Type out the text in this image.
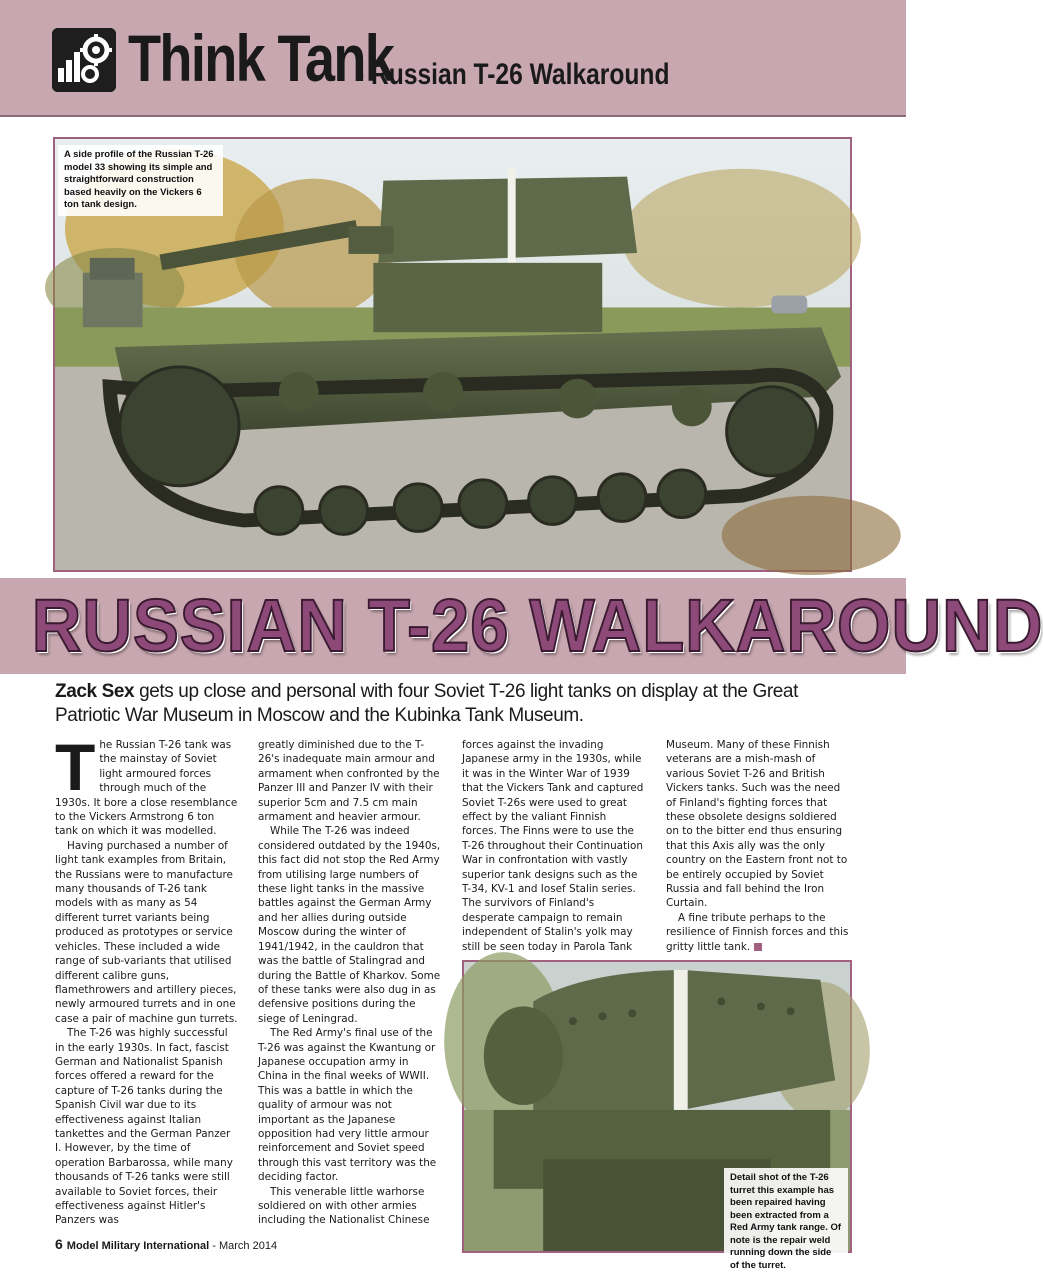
Think Tank
- Russian T-26 Walkaround
A side profile of the Russian T-26 model 33 showing its simple and straightforward construction based heavily on the Vickers 6 ton tank design.
RUSSIAN T-26 WALKAROUND
Zack Sex gets up close and personal with four Soviet T-26 light tanks on display at the Great Patriotic War Museum in Moscow and the Kubinka Tank Museum.

The Russian T-26 tank was the mainstay of Soviet light armoured forces through much of the 1930s. It bore a close resemblance to the Vickers Armstrong 6 ton tank on which it was modelled.

Having purchased a number of light tank examples from Britain, the Russians were to manufacture many thousands of T-26 tank models with as many as 54 different turret variants being produced as prototypes or service vehicles. These included a wide range of sub-variants that utilised different calibre guns, flamethrowers and artillery pieces, newly armoured turrets and in one case a pair of machine gun turrets.

The T-26 was highly successful in the early 1930s. In fact, fascist German and Nationalist Spanish forces offered a reward for the capture of T-26 tanks during the Spanish Civil war due to its effectiveness against Italian tankettes and the German Panzer I. However, by the time of operation Barbarossa, while many thousands of T-26 tanks were still available to Soviet forces, their effectiveness against Hitler's Panzers was

greatly diminished due to the T-26's inadequate main armour and armament when confronted by the Panzer III and Panzer IV with their superior 5cm and 7.5 cm main armament and heavier armour.

While The T-26 was indeed considered outdated by the 1940s, this fact did not stop the Red Army from utilising large numbers of these light tanks in the massive battles against the German Army and her allies during outside Moscow during the winter of 1941/1942, in the cauldron that was the battle of Stalingrad and during the Battle of Kharkov. Some of these tanks were also dug in as defensive positions during the siege of Leningrad.

The Red Army's final use of the T-26 was against the Kwantung or Japanese occupation army in China in the final weeks of WWII. This was a battle in which the quality of armour was not important as the Japanese opposition had very little armour reinforcement and Soviet speed through this vast territory was the deciding factor.

This venerable little warhorse soldiered on with other armies including the Nationalist Chinese

forces against the invading Japanese army in the 1930s, while it was in the Winter War of 1939 that the Vickers Tank and captured Soviet T-26s were used to great effect by the valiant Finnish forces. The Finns were to use the T-26 throughout their Continuation War in confrontation with vastly superior tank designs such as the T-34, KV-1 and Iosef Stalin series. The survivors of Finland's desperate campaign to remain independent of Stalin's yolk may still be seen today in Parola Tank

Museum. Many of these Finnish veterans are a mish-mash of various Soviet T-26 and British Vickers tanks. Such was the need of Finland's fighting forces that these obsolete designs soldiered on to the bitter end thus ensuring that this Axis ally was the only country on the Eastern front not to be entirely occupied by Soviet Russia and fall behind the Iron Curtain.

A fine tribute perhaps to the resilience of Finnish forces and this gritty little tank.

Detail shot of the T-26 turret this example has been repaired having been extracted from a Red Army tank range. Of note is the repair weld running down the side of the turret.
6 Model Military International - March 2014
